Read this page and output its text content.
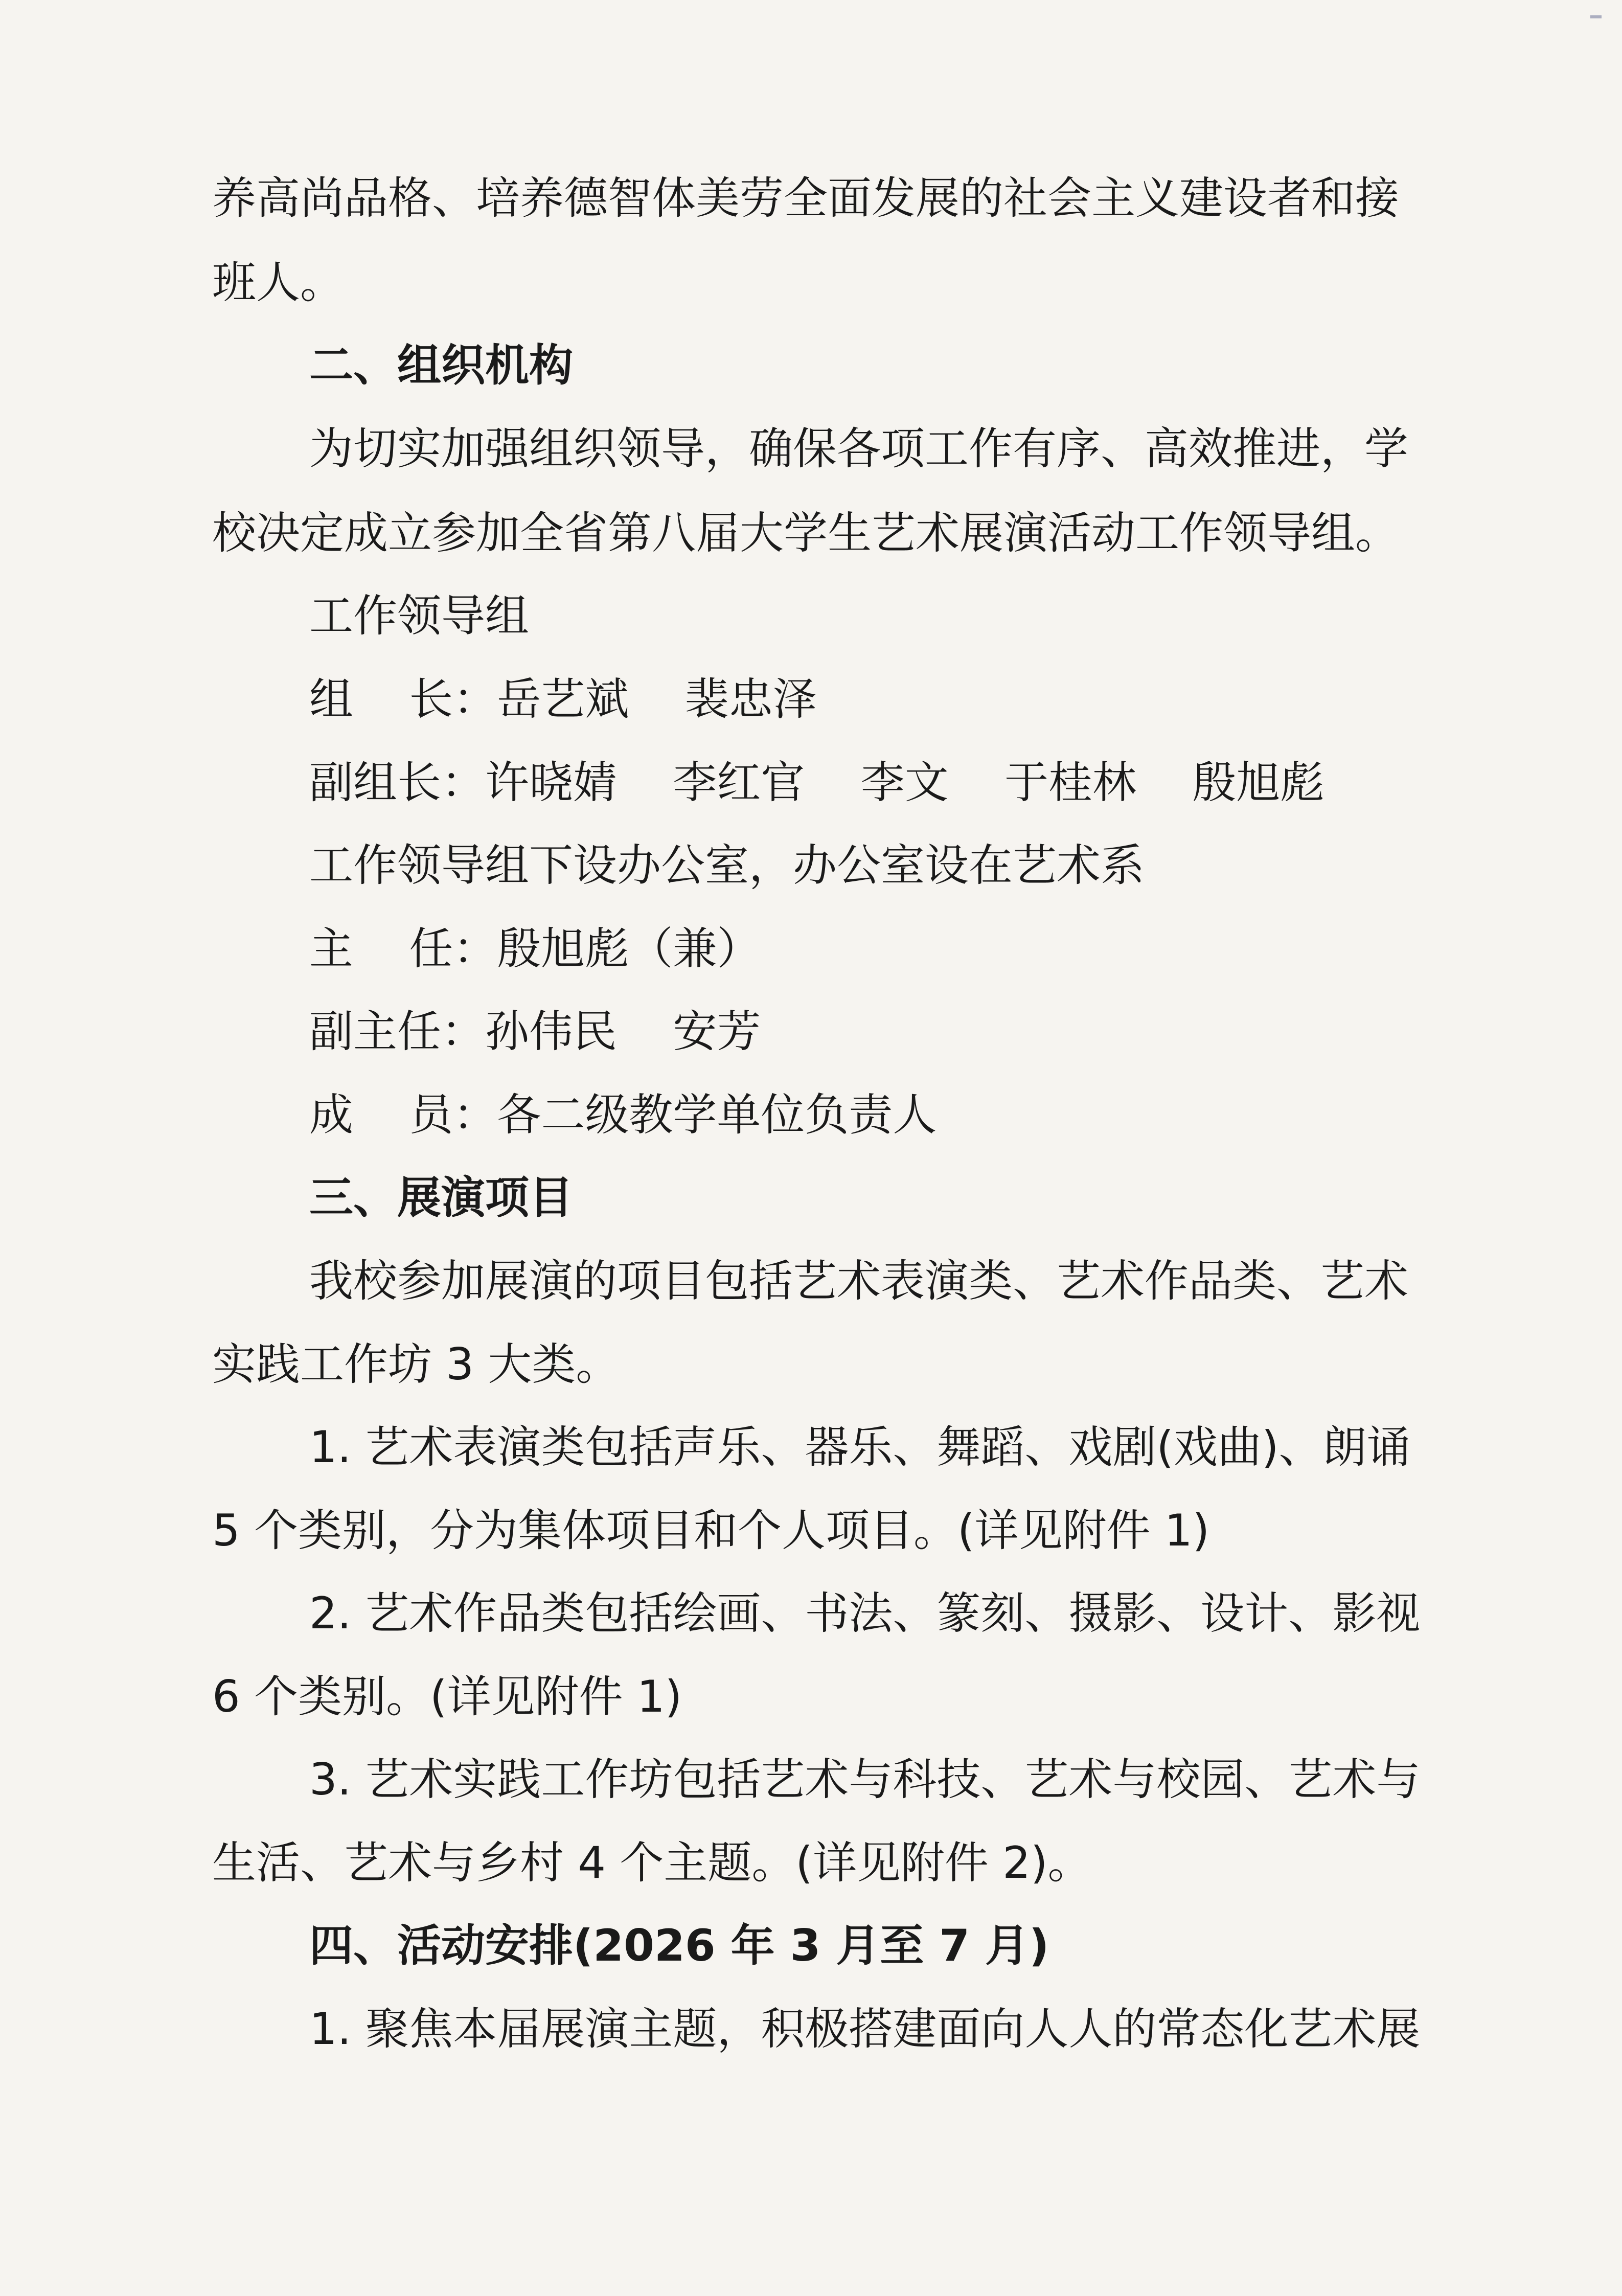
养高尚品格、培养德智体美劳全面发展的社会主义建设者和接
班人。
二、组织机构
为切实加强组织领导，确保各项工作有序、高效推进，学
校决定成立参加全省第八届大学生艺术展演活动工作领导组。
工作领导组
组    长：岳艺斌    裴忠泽
副组长：许晓婧    李红官    李文    于桂林    殷旭彪
工作领导组下设办公室，办公室设在艺术系
主    任：殷旭彪（兼）
副主任：孙伟民    安芳
成    员：各二级教学单位负责人
三、展演项目
我校参加展演的项目包括艺术表演类、艺术作品类、艺术
实践工作坊 3 大类。
1. 艺术表演类包括声乐、器乐、舞蹈、戏剧(戏曲)、朗诵
5 个类别，分为集体项目和个人项目。(详见附件 1)
2. 艺术作品类包括绘画、书法、篆刻、摄影、设计、影视
6 个类别。(详见附件 1)
3. 艺术实践工作坊包括艺术与科技、艺术与校园、艺术与
生活、艺术与乡村 4 个主题。(详见附件 2)。
四、活动安排(2026 年 3 月至 7 月)
1. 聚焦本届展演主题，积极搭建面向人人的常态化艺术展
